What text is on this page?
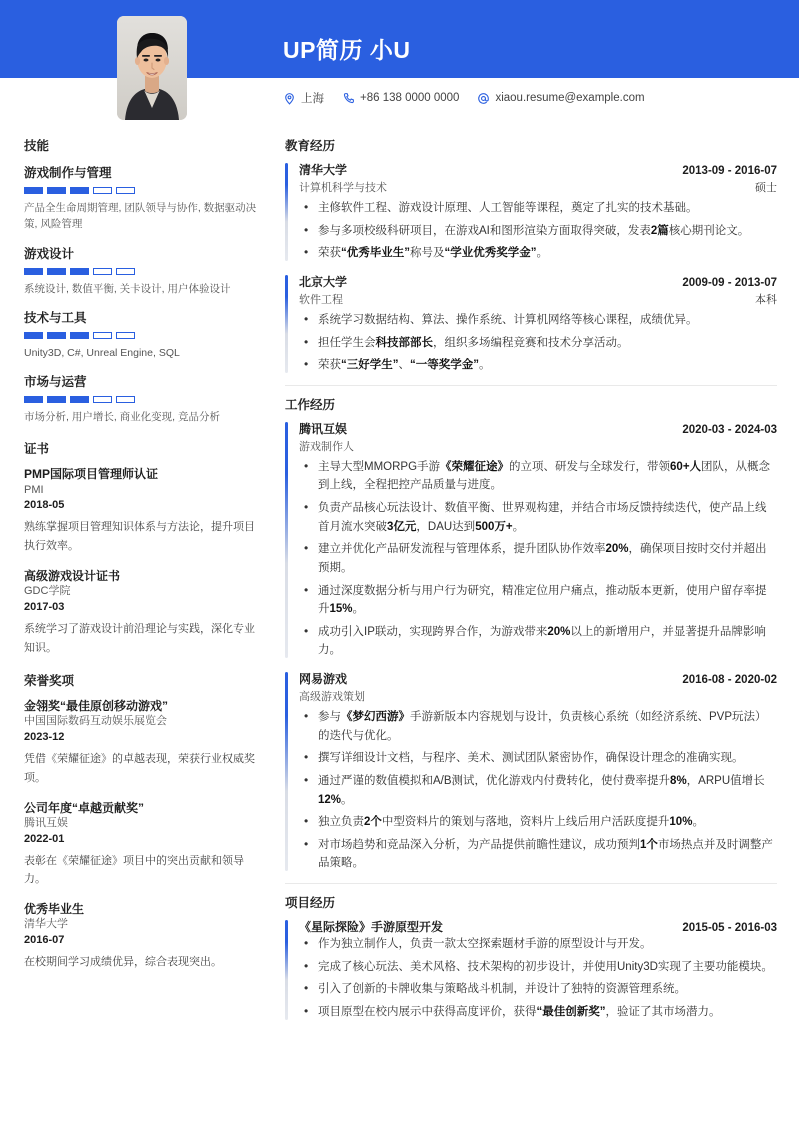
UP简历 小U
上海	+86 138 0000 0000	xiaou.resume@example.com
技能
游戏制作与管理
产品全生命周期管理, 团队领导与协作, 数据驱动决策, 风险管理
游戏设计
系统设计, 数值平衡, 关卡设计, 用户体验设计
技术与工具
Unity3D, C#, Unreal Engine, SQL
市场与运营
市场分析, 用户增长, 商业化变现, 竞品分析
证书
PMP国际项目管理师认证
PMI
2018-05
熟练掌握项目管理知识体系与方法论，提升项目执行效率。
高级游戏设计证书
GDC学院
2017-03
系统学习了游戏设计前沿理论与实践，深化专业知识。
荣誉奖项
金翎奖“最佳原创移动游戏”
中国国际数码互动娱乐展览会
2023-12
凭借《荣耀征途》的卓越表现，荣获行业权威奖项。
公司年度“卓越贡献奖”
腾讯互娱
2022-01
表彰在《荣耀征途》项目中的突出贡献和领导力。
优秀毕业生
清华大学
2016-07
在校期间学习成绩优异，综合表现突出。
教育经历
清华大学	2013-09 - 2016-07
计算机科学与技术	硕士
• 主修软件工程、游戏设计原理、人工智能等课程，奠定了扎实的技术基础。
• 参与多项校级科研项目，在游戏AI和图形渲染方面取得突破，发表2篇核心期刊论文。
• 荣获“优秀毕业生”称号及“学业优秀奖学金”。
北京大学	2009-09 - 2013-07
软件工程	本科
• 系统学习数据结构、算法、操作系统、计算机网络等核心课程，成绩优异。
• 担任学生会科技部部长，组织多场编程竞赛和技术分享活动。
• 荣获“三好学生”、“一等奖学金”。
工作经历
腾讯互娱	2020-03 - 2024-03
游戏制作人
• 主导大型MMORPG手游《荣耀征途》的立项、研发与全球发行，带领60+人团队，从概念到上线，全程把控产品质量与进度。
• 负责产品核心玩法设计、数值平衡、世界观构建，并结合市场反馈持续迭代，使产品上线首月流水突破3亿元，DAU达到500万+。
• 建立并优化产品研发流程与管理体系，提升团队协作效率20%，确保项目按时交付并超出预期。
• 通过深度数据分析与用户行为研究，精准定位用户痛点，推动版本更新，使用户留存率提升15%。
• 成功引入IP联动，实现跨界合作，为游戏带来20%以上的新增用户，并显著提升品牌影响力。
网易游戏	2016-08 - 2020-02
高级游戏策划
• 参与《梦幻西游》手游新版本内容规划与设计，负责核心系统（如经济系统、PVP玩法）的迭代与优化。
• 撰写详细设计文档，与程序、美术、测试团队紧密协作，确保设计理念的准确实现。
• 通过严谨的数值模拟和A/B测试，优化游戏内付费转化，使付费率提升8%，ARPU值增长12%。
• 独立负责2个中型资料片的策划与落地，资料片上线后用户活跃度提升10%。
• 对市场趋势和竞品深入分析，为产品提供前瞻性建议，成功预判1个市场热点并及时调整产品策略。
项目经历
《星际探险》手游原型开发	2015-05 - 2016-03
• 作为独立制作人，负责一款太空探索题材手游的原型设计与开发。
• 完成了核心玩法、美术风格、技术架构的初步设计，并使用Unity3D实现了主要功能模块。
• 引入了创新的卡牌收集与策略战斗机制，并设计了独特的资源管理系统。
• 项目原型在校内展示中获得高度评价，获得“最佳创新奖”，验证了其市场潜力。
